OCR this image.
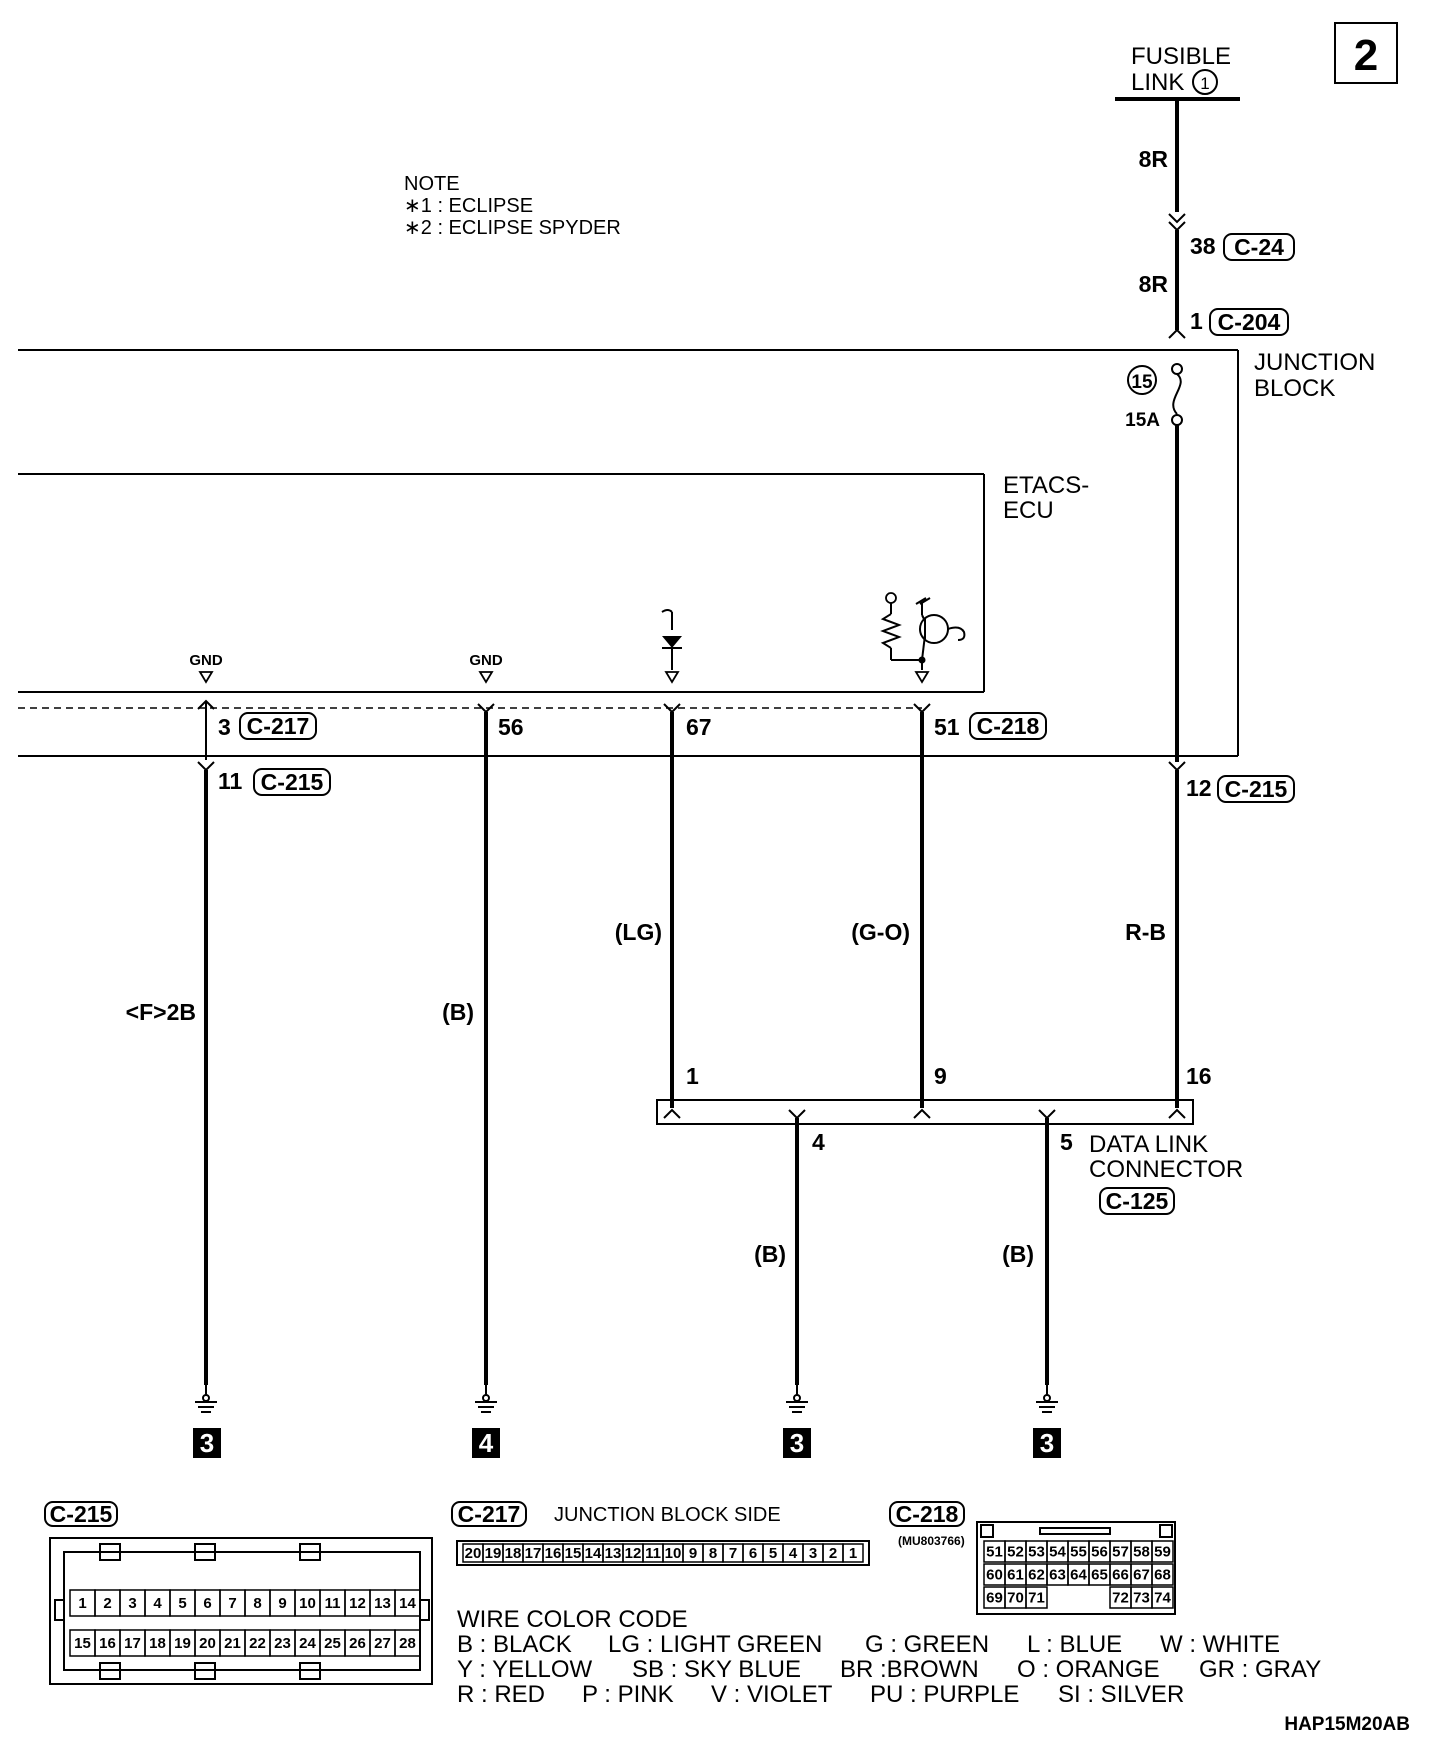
2
NOTE
∗1 : ECLIPSE
∗2 : ECLIPSE SPYDER
FUSIBLE
LINK 1
8R
38 C-24
8R
1 C-204
JUNCTION
BLOCK
15
15A
ETACS-
ECU
GND	GND
3 C-217
11 C-215
<F>2B
56
(B)
67
(LG)
51 C-218
(G-O)
12 C-215
R-B
1	9	16
4	5 DATA LINK
CONNECTOR
C-125
(B)	(B)
3	4	3	3
C-215
1 2 3 4 5 6 7 8 9 10 11 12 13 14
15 16 17 18 19 20 21 22 23 24 25 26 27 28
C-217 JUNCTION BLOCK SIDE
20 19 18 17 16 15 14 13 12 11 10 9 8 7 6 5 4 3 2 1
C-218
(MU803766)
51 52 53 54 55 56 57 58 59
60 61 62 63 64 65 66 67 68
69 70 71	72 73 74
WIRE COLOR CODE
B : BLACK LG : LIGHT GREEN G : GREEN L : BLUE W : WHITE
Y : YELLOW SB : SKY BLUE BR :BROWN O : ORANGE GR : GRAY
R : RED P : PINK V : VIOLET PU : PURPLE SI : SILVER
HAP15M20AB
